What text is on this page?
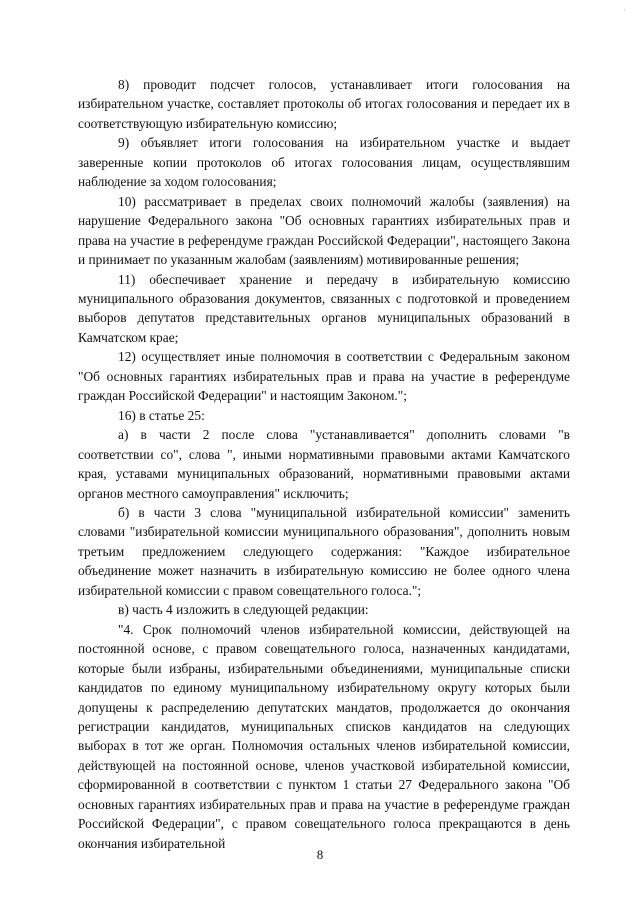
·

8) проводит подсчет голосов, устанавливает итоги голосования на избирательном участке, составляет протоколы об итогах голосования и передает их в соответствующую избирательную комиссию;

9) объявляет итоги голосования на избирательном участке и выдает заверенные копии протоколов об итогах голосования лицам, осуществлявшим наблюдение за ходом голосования;

10) рассматривает в пределах своих полномочий жалобы (заявления) на нарушение Федерального закона "Об основных гарантиях избирательных прав и права на участие в референдуме граждан Российской Федерации", настоящего Закона и принимает по указанным жалобам (заявлениям) мотивированные решения;

11) обеспечивает хранение и передачу в избирательную комиссию муниципального образования документов, связанных с подготовкой и проведением выборов депутатов представительных органов муниципальных образований в Камчатском крае;

12) осуществляет иные полномочия в соответствии с Федеральным законом "Об основных гарантиях избирательных прав и права на участие в референдуме граждан Российской Федерации" и настоящим Законом.";

16) в статье 25:

а) в части 2 после слова "устанавливается" дополнить словами "в соответствии со", слова ", иными нормативными правовыми актами Камчатского края, уставами муниципальных образований, нормативными правовыми актами органов местного самоуправления" исключить;

б) в части 3 слова "муниципальной избирательной комиссии" заменить словами "избирательной комиссии муниципального образования", дополнить новым третьим предложением следующего содержания: "Каждое избирательное объединение может назначить в избирательную комиссию не более одного члена избирательной комиссии с правом совещательного голоса.";

в) часть 4 изложить в следующей редакции:

"4. Срок полномочий членов избирательной комиссии, действующей на постоянной основе, с правом совещательного голоса, назначенных кандидатами, которые были избраны, избирательными объединениями, муниципальные списки кандидатов по единому муниципальному избирательному округу которых были допущены к распределению депутатских мандатов, продолжается до окончания регистрации кандидатов, муниципальных списков кандидатов на следующих выборах в тот же орган. Полномочия остальных членов избирательной комиссии, действующей на постоянной основе, членов участковой избирательной комиссии, сформированной в соответствии с пунктом 1 статьи 27 Федерального закона "Об основных гарантиях избирательных прав и права на участие в референдуме граждан Российской Федерации", с правом совещательного голоса прекращаются в день окончания избирательной

8
